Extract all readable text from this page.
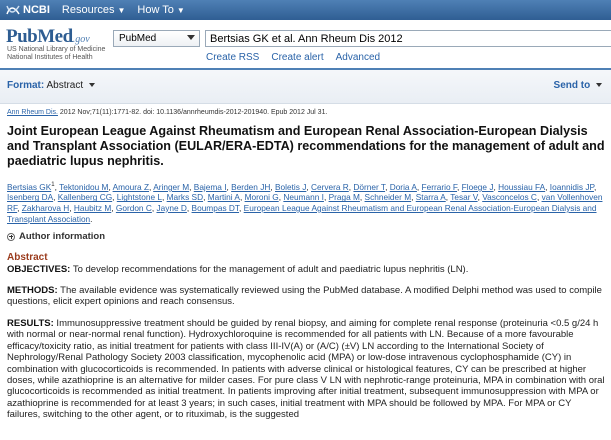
NCBI Resources ▼ How To ▼
PubMed.gov
US National Library of Medicine
National Institutes of Health
PubMed	Bertsias GK et al. Ann Rheum Dis 2012
Create RSS Create alert Advanced
Format: Abstract	Send to
Ann Rheum Dis. 2012 Nov;71(11):1771-82. doi: 10.1136/annrheumdis-2012-201940. Epub 2012 Jul 31.
Joint European League Against Rheumatism and European Renal Association-European Dialysis and Transplant Association (EULAR/ERA-EDTA) recommendations for the management of adult and paediatric lupus nephritis.
Bertsias $GK^1$, Tektonidou M, Amoura Z, Aringer M, Bajema I, Berden JH, Boletis J, Cervera R, Dörner T, Doria A, Ferrario F, Floege J, Houssiau FA, Ioannidis JP, Isenberg DA, Kallenberg CG, Lightstone L, Marks SD, Martini A, Moroni G, Neumann I, Praga M, Schneider M, Starra A, Tesar V, Vasconcelos C, van Vollenhoven RF, Zakharova H, Haubitz M, Gordon C, Jayne D, Boumpas DT, European League Against Rheumatism and European Renal Association-European Dialysis and Transplant Association.
Author information
Abstract

OBJECTIVES: To develop recommendations for the management of adult and paediatric lupus nephritis (LN).

METHODS: The available evidence was systematically reviewed using the PubMed database. A modified Delphi method was used to compile questions, elicit expert opinions and reach consensus.

RESULTS: Immunosuppressive treatment should be guided by renal biopsy, and aiming for complete renal response (proteinuria <0.5 g/24 h with normal or near-normal renal function). Hydroxychloroquine is recommended for all patients with LN. Because of a more favourable efficacy/toxicity ratio, as initial treatment for patients with class III-IV(A) or (A/C) (±V) LN according to the International Society of Nephrology/Renal Pathology Society 2003 classification, mycophenolic acid (MPA) or low-dose intravenous cyclophosphamide (CY) in combination with glucocorticoids is recommended. In patients with adverse clinical or histological features, CY can be prescribed at higher doses, while azathioprine is an alternative for milder cases. For pure class V LN with nephrotic-range proteinuria, MPA in combination with oral glucocorticoids is recommended as initial treatment. In patients improving after initial treatment, subsequent immunosuppression with MPA or azathioprine is recommended for at least 3 years; in such cases, initial treatment with MPA should be followed by MPA. For MPA or CY failures, switching to the other agent, or to rituximab, is the suggested
